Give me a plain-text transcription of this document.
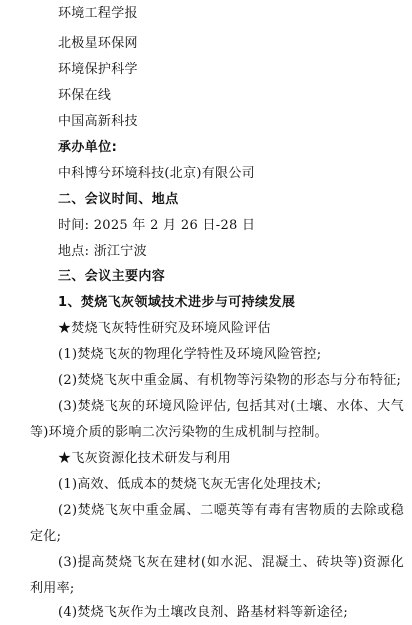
环境工程学报
北极星环保网
环境保护科学
环保在线
中国高新科技
承办单位:
中科博兮环境科技(北京)有限公司
二、会议时间、地点
时间: 2025 年 2 月 26 日-28 日
地点: 浙江宁波
三、会议主要内容
1、焚烧飞灰领域技术进步与可持续发展
★焚烧飞灰特性研究及环境风险评估
(1)焚烧飞灰的物理化学特性及环境风险管控;
(2)焚烧飞灰中重金属、有机物等污染物的形态与分布特征;
(3)焚烧飞灰的环境风险评估, 包括其对(土壤、水体、大气
等)环境介质的影响二次污染物的生成机制与控制。
★飞灰资源化技术研发与利用
(1)高效、低成本的焚烧飞灰无害化处理技术;
(2)焚烧飞灰中重金属、二噁英等有毒有害物质的去除或稳
定化;
(3)提高焚烧飞灰在建材(如水泥、混凝土、砖块等)资源化
利用率;
(4)焚烧飞灰作为土壤改良剂、路基材料等新途径;
